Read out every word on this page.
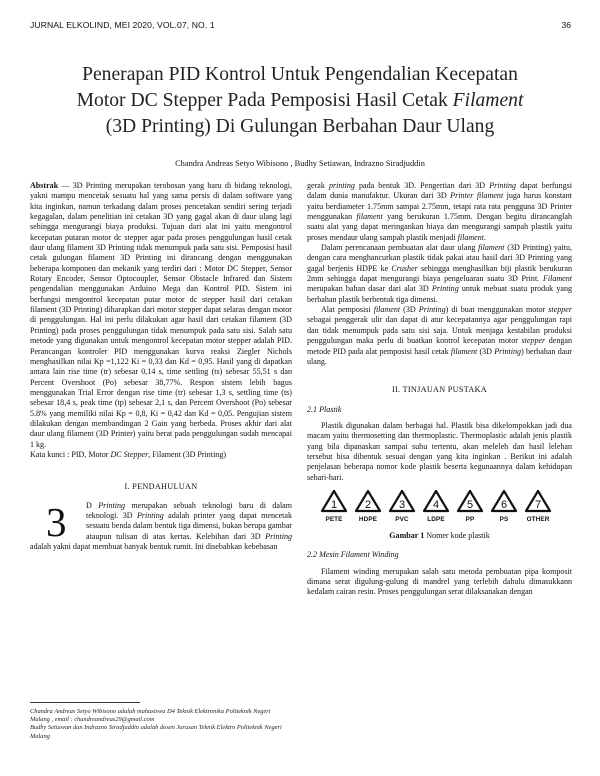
JURNAL ELKOLIND, MEI 2020, VOL.07, NO. 1	36
Penerapan PID Kontrol Untuk Pengendalian Kecepatan
Motor DC Stepper Pada Pemposisi Hasil Cetak Filament
(3D Printing) Di Gulungan Berbahan Daur Ulang
Chandra Andreas Setyo Wibisono , Budhy Setiawan, Indrazno Siradjuddin

Abstrak — 3D Printing merupakan terobosan yang baru di bidang teknologi, yakni mampu mencetak sesuatu hal yang sama persis di dalam software yang kita inginkan, namun terkadang dalam proses pencetakan sendiri sering terjadi kegagalan, dalam penelitian ini cetakan 3D yang gagal akan di daur ulang lagi sehingga mengurangi biaya produksi. Tujuan dari alat ini yaitu mengontrol kecepatan putaran motor dc stepper agar pada proses penggulungan hasil cetak daur ulang filament 3D Printing tidak menumpuk pada satu sisi. Pemposisi hasil cetak gulungan filament 3D Printing ini dirancang dengan menggunakan beberapa komponen dan mekanik yang terdiri dari : Motor DC Stepper, Sensor Rotary Encoder, Sensor Optocoupler, Sensor Obstacle Infrared dan Sistem pengendalian menggunakan Arduino Mega dan Kontrol PID. Sistem ini berfungsi mengontrol kecepatan putar motor dc stepper hasil dari cetakan filament (3D Printing) diharapkan dari motor stepper dapat selaras dengan motor di penggulungan. Hal ini perlu dilakukan agar hasil dari cetakan filament (3D Printing) pada proses penggulungan tidak menumpuk pada satu sisi. Salah satu metode yang digunakan untuk mengontrol kecepatan motor stepper adalah PID. Perancangan kontroler PID menggunakan kurva reaksi Ziegler Nichols menghasilkan nilai Kp =1,122 Ki = 0,33 dan Kd = 0,95. Hasil yang di dapatkan antara lain rise time (tr) sebesar 0,14 s, time settling (ts) sebesar 55,51 s dan Percent Overshoot (Po) sebesar 38,77%. Respon sistem lebih bagus menggunakan Trial Error dengan rise time (tr) sebesar 1,3 s, settling time (ts) sebesar 18,4 s, peak time (tp) sebesar 2,1 s, dan Percent Overshoot (Po) sebesar 5.8% yang memiliki nilai Kp = 0,8, Ki = 0,42 dan Kd = 0,05. Pengujian sistem dilakukan dengan membandingan 2 Gain yang berbeda. Proses akhir dari alat daur ulang filament (3D Printer) yaitu berat pada penggulungan sudah mencapai 1 kg.

Kata kunci : PID, Motor DC Stepper, Filament (3D Printing)

I. PENDAHULUAN

3	D Printing merupakan sebuah teknologi baru di dalam teknologi. 3D Printing adalah printer yang dapat mencetak sesuatu benda dalam bentuk tiga dimensi, bukan berupa gambar ataupun tulisan di atas kertas. Kelebihan dari 3D Printing adalah yakni dapat membuat banyak bentuk rumit. Ini disebabkan kebebasan

Chandra Andreas Setyo Wibisono adalah mahasiswa D4 Teknik Elektronika Politeknik Negeri Malang , email : chandreandreas29@gmail.com
Budhy Setiawan dan Indrazno Siradjuddin adalah dosen Jurusan Teknik Elektro Politeknik Negeri Malang

gerak printing pada bentuk 3D. Pengertian dari 3D Printing dapat berfungsi dalam dunia manufaktur. Ukuran dari 3D Printer filament juga harus konstant yaitu berdiameter 1.75mm sampai 2.75mm, tetapi rata rata pengguna 3D Printer menggunakan filament yang berukuran 1.75mm. Dengan begitu dirancanglah suatu alat yang dapat meringankan biaya dan mengurangi sampah plastik yaitu proses mendaur ulang sampah plastik menjadi filament.

Dalam perencanaan pembuatan alat daur ulang filament (3D Printing) yaitu, dengan cara menghancurkan plastik tidak pakai atau hasil dari 3D Printing yang gagal berjenis HDPE ke Crusher sehingga menghasilkan biji plastik berukuran 2mm sehingga dapat mengurangi biaya pengeluaran suatu 3D Print. Filament merupakan bahan dasar dari alat 3D Printing untuk mebuat suatu produk yang berbahan plastik berbentuk tiga dimensi.

Alat pemposisi filament (3D Printing) di buat menggunakan motor stepper sebagai penggerak ulir dan dapat di atur kecepatannya agar penggulungan rapi dan tidak menumpuk pada satu sisi saja. Untuk menjaga kestabilan produksi penggulungan maka perlu di buatkan kontrol kecepatan motor stepper dengan metode PID pada alat pemposisi hasil cetak filament (3D Printing) berbahan daur ulang.

II. TINJAUAN PUSTAKA

2.1 Plastik

Plastik digunakan dalam berbagai hal. Plastik bisa dikelompokkan jadi dua macam yaitu thermosetting dan thermoplastic. Thermoplastic adalah jenis plastik yang bila dipanaskan sampai suhu tertentu, akan meleleh dan hasil lelehan tersebut bisa dibentuk sesuai dengan yang kita inginkan . Berikut ini adalah penjelasan beberapa nomor kode plastik beserta kegunaannya dalam kehidupan sehari-hari.

1
PETE
2
HDPE
3
PVC
4
LDPE
5
PP
6
PS
7
OTHER

Gambar 1 Nomer kode plastik

2.2 Mesin Filament Winding

Filament winding merupakan salah satu metoda pembuatan pipa komposit dimana serat digulung-gulung di mandrel yang terlebih dahulu dimasukkann kedalam cairan resin. Proses penggulungan serat dilaksanakan dengan
